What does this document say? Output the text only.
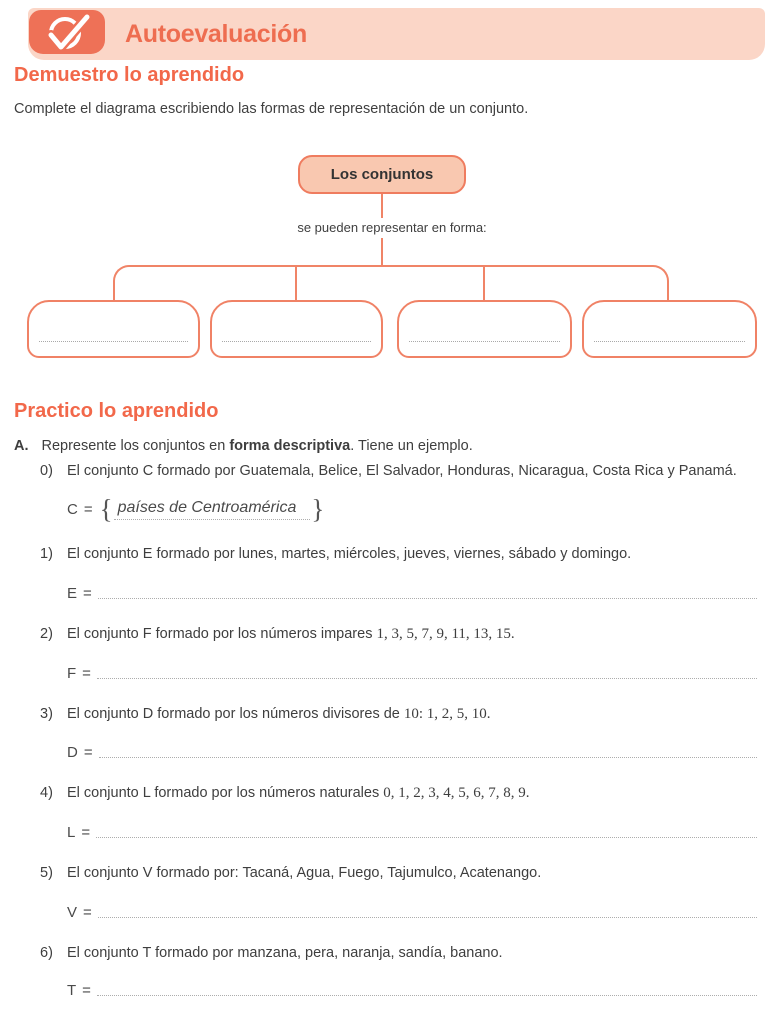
Autoevaluación
Demuestro lo aprendido
Complete el diagrama escribiendo las formas de representación de un conjunto.
Los conjuntos
se pueden representar en forma:
Practico lo aprendido
A. Represente los conjuntos en forma descriptiva. Tiene un ejemplo.
0) El conjunto C formado por Guatemala, Belice, El Salvador, Honduras, Nicaragua, Costa Rica y Panamá.
C = { países de Centroamérica }
1) El conjunto E formado por lunes, martes, miércoles, jueves, viernes, sábado y domingo.
E =
2) El conjunto F formado por los números impares 1, 3, 5, 7, 9, 11, 13, 15.
F =
3) El conjunto D formado por los números divisores de 10: 1, 2, 5, 10.
D =
4) El conjunto L formado por los números naturales 0, 1, 2, 3, 4, 5, 6, 7, 8, 9.
L =
5) El conjunto V formado por: Tacaná, Agua, Fuego, Tajumulco, Acatenango.
V =
6) El conjunto T formado por manzana, pera, naranja, sandía, banano.
T =
